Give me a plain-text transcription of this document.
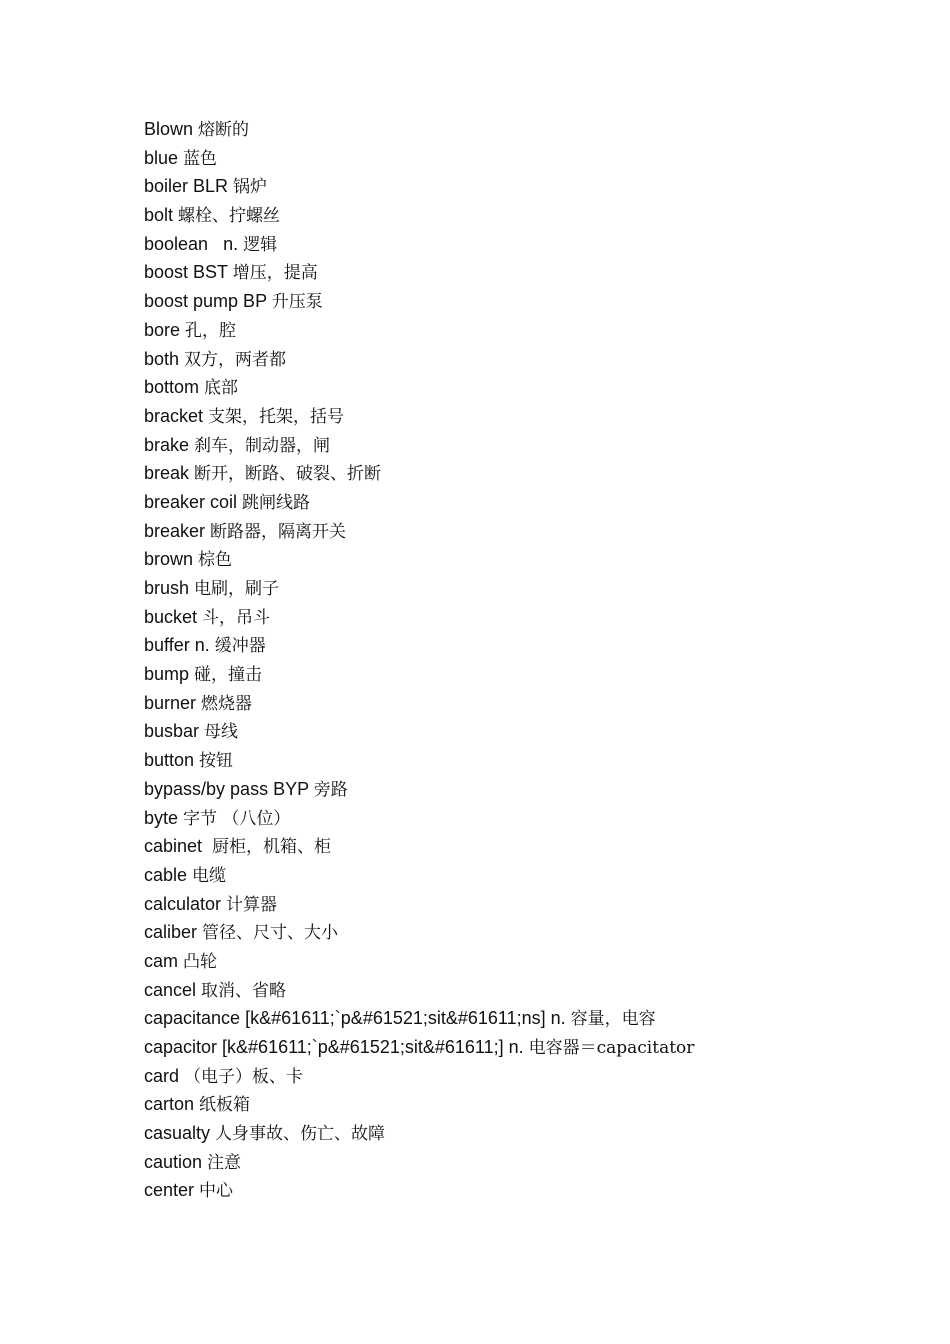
Blown 熔断的
blue 蓝色
boiler BLR 锅炉
bolt 螺栓、拧螺丝
boolean   n. 逻辑
boost BST 增压，提高
boost pump BP 升压泵
bore 孔，腔
both 双方，两者都
bottom 底部
bracket 支架，托架，括号
brake 刹车，制动器，闸
break 断开，断路、破裂、折断
breaker coil 跳闸线路
breaker 断路器，隔离开关
brown 棕色
brush 电刷，刷子
bucket 斗，吊斗
buffer n. 缓冲器
bump 碰，撞击
burner 燃烧器
busbar 母线
button 按钮
bypass/by pass BYP 旁路
byte 字节 （八位）
cabinet  厨柜，机箱、柜
cable 电缆
calculator 计算器
caliber 管径、尺寸、大小
cam 凸轮
cancel 取消、省略
capacitance [k&#61611;`p&#61521;sit&#61611;ns] n. 容量，电容
capacitor [k&#61611;`p&#61521;sit&#61611;] n. 电容器＝capacitator
card （电子）板、卡
carton 纸板箱
casualty 人身事故、伤亡、故障
caution 注意
center 中心
